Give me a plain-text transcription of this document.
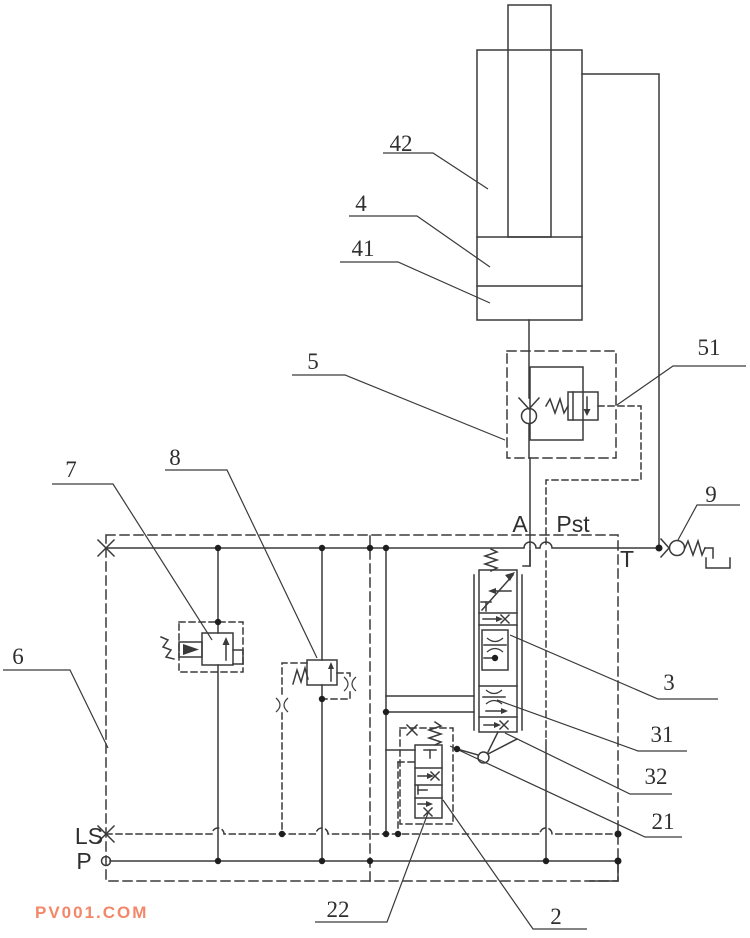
42
4
41
5
51
9
7	8
6
3
31
32
21
2
22
A Pst
T
LS
P
PV001.COM
